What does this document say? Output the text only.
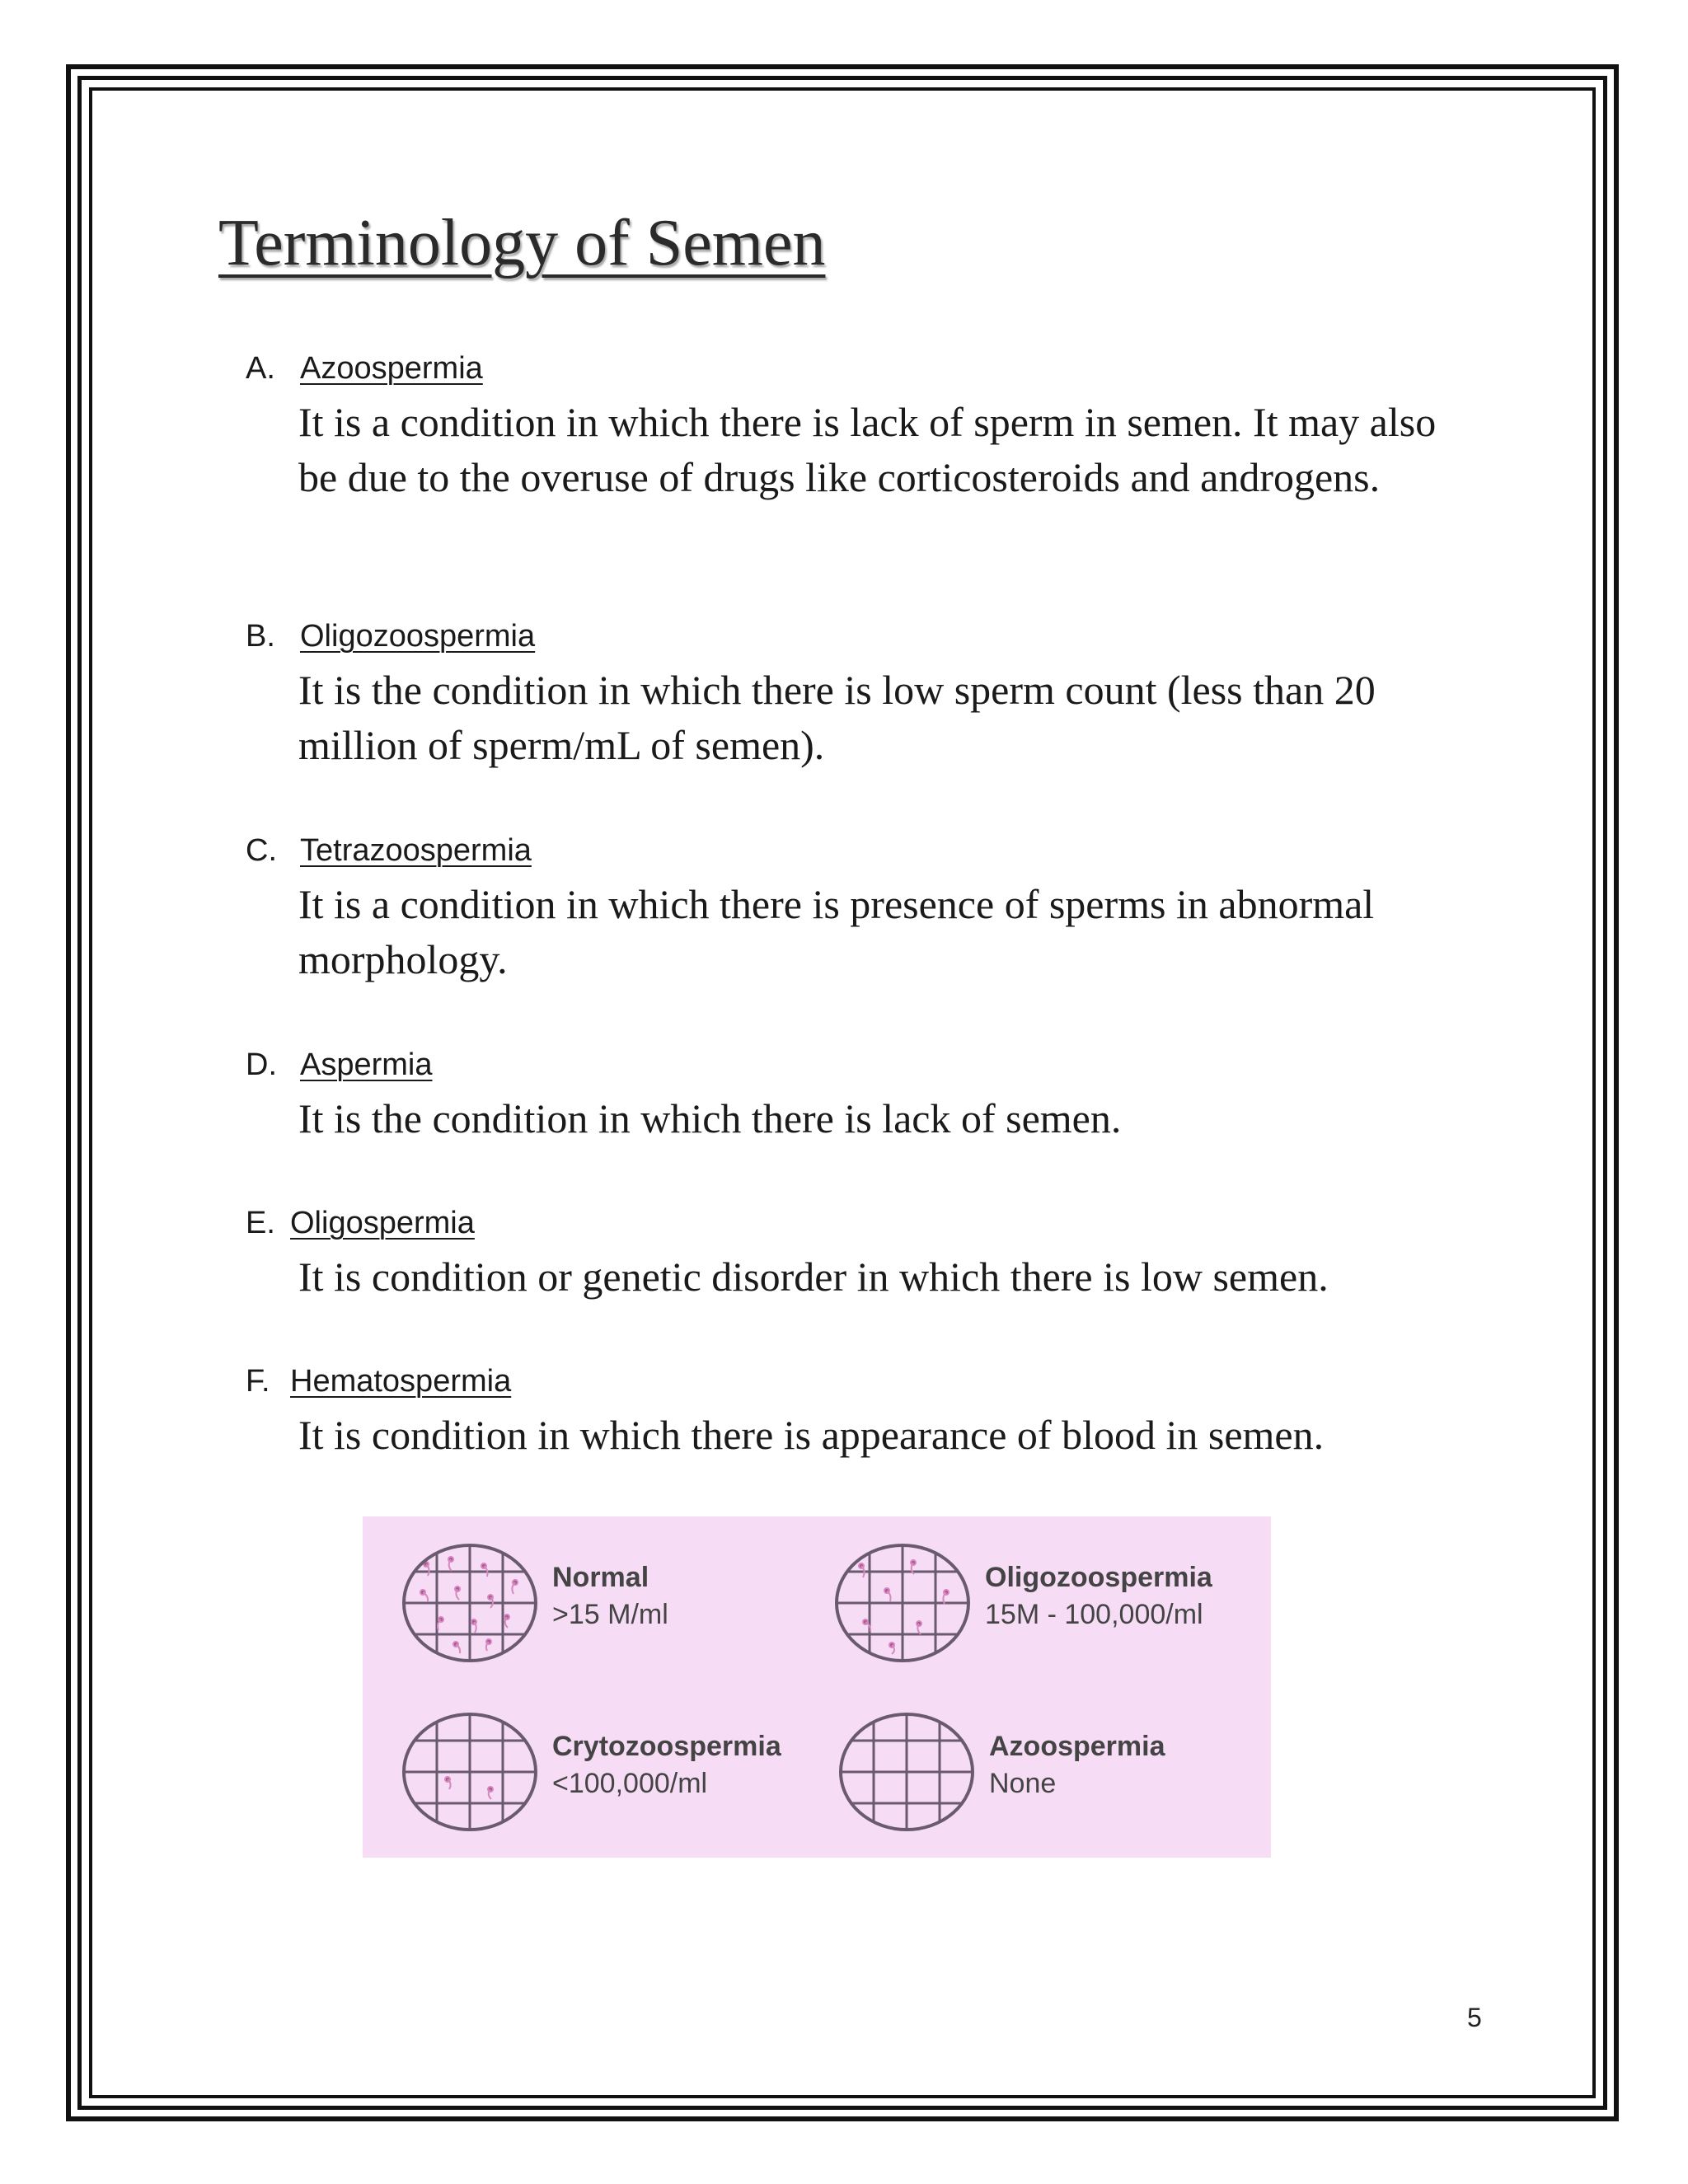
Terminology of Semen
A. Azoospermia
It is a condition in which there is lack of sperm in semen. It may also be due to the overuse of drugs like corticosteroids and androgens.
B. Oligozoospermia
It is the condition in which there is low sperm count (less than 20 million of sperm/mL of semen).
C. Tetrazoospermia
It is a condition in which there is presence of sperms in abnormal morphology.
D. Aspermia
It is the condition in which there is lack of semen.
E. Oligospermia
It is condition or genetic disorder in which there is low semen.
F. Hematospermia
It is condition in which there is appearance of blood in semen.
Normal
>15 M/ml
Oligozoospermia
15M - 100,000/ml
Crytozoospermia
<100,000/ml
Azoospermia
None
5
